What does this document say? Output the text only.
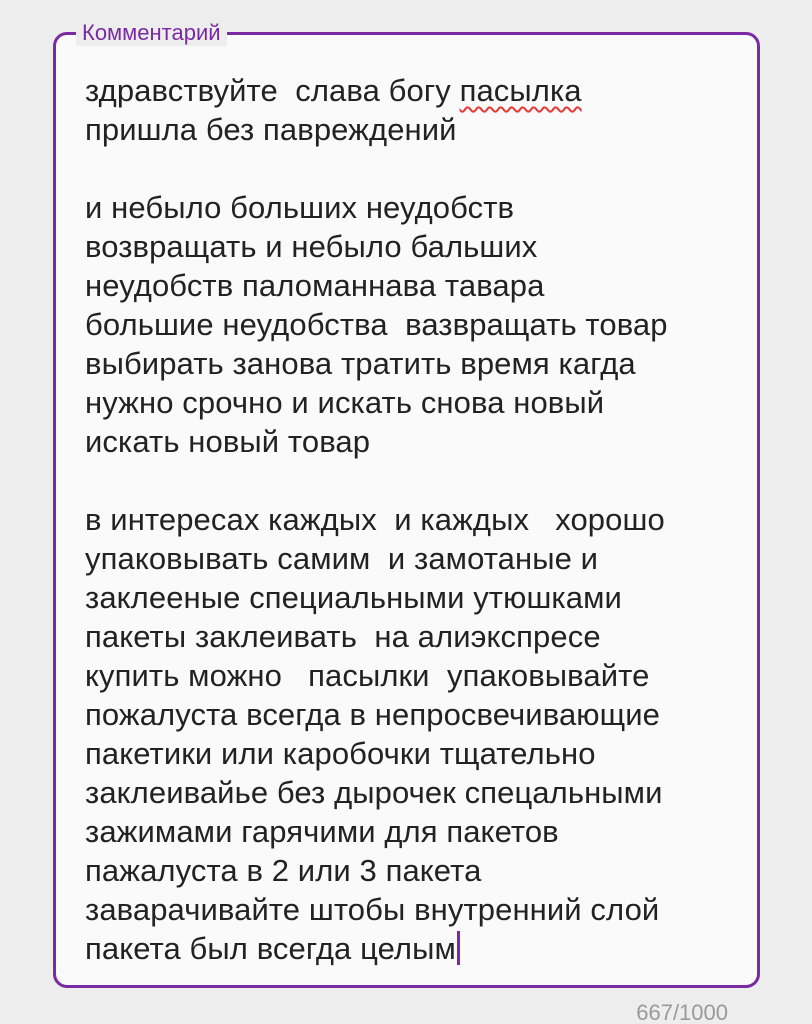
Комментарий
здравствуйте  слава богу пасылка
пришла без павреждений
и небыло больших неудобств
возвращать и небыло бальших
неудобств паломаннава тавара
большие неудобства  вазвращать товар
выбирать занова тратить время кагда
нужно срочно и искать снова новый
искать новый товар
в интересах каждых  и каждых   хорошо
упаковывать самим  и замотаные и
заклееные специальными утюшками
пакеты заклеивать  на алиэкспресе
купить можно   пасылки  упаковывайте
пожалуста всегда в непросвечивающие
пакетики или каробочки тщательно
заклеивайье без дырочек спецальными
зажимами гарячими для пакетов
пажалуста в 2 или 3 пакета
заварачивайте штобы внутренний слой
пакета был всегда целым
667/1000
